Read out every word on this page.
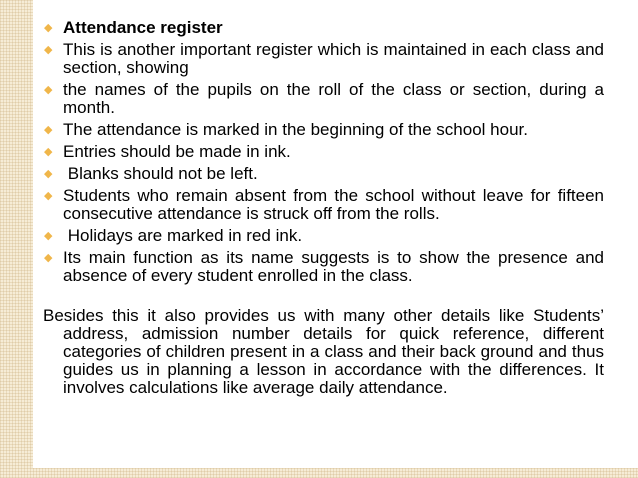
◆ Attendance register
◆ This is another important register which is maintained in each class and section, showing
◆ the names of the pupils on the roll of the class or section, during a month.
◆ The attendance is marked in the beginning of the school hour.
◆ Entries should be made in ink.
◆ Blanks should not be left.
◆ Students who remain absent from the school without leave for fifteen consecutive attendance is struck off from the rolls.
◆ Holidays are marked in red ink.
◆ Its main function as its name suggests is to show the presence and absence of every student enrolled in the class.

Besides this it also provides us with many other details like Students’ address, admission number details for quick reference, different categories of children present in a class and their back ground and thus guides us in planning a lesson in accordance with the differences. It involves calculations like average daily attendance.
